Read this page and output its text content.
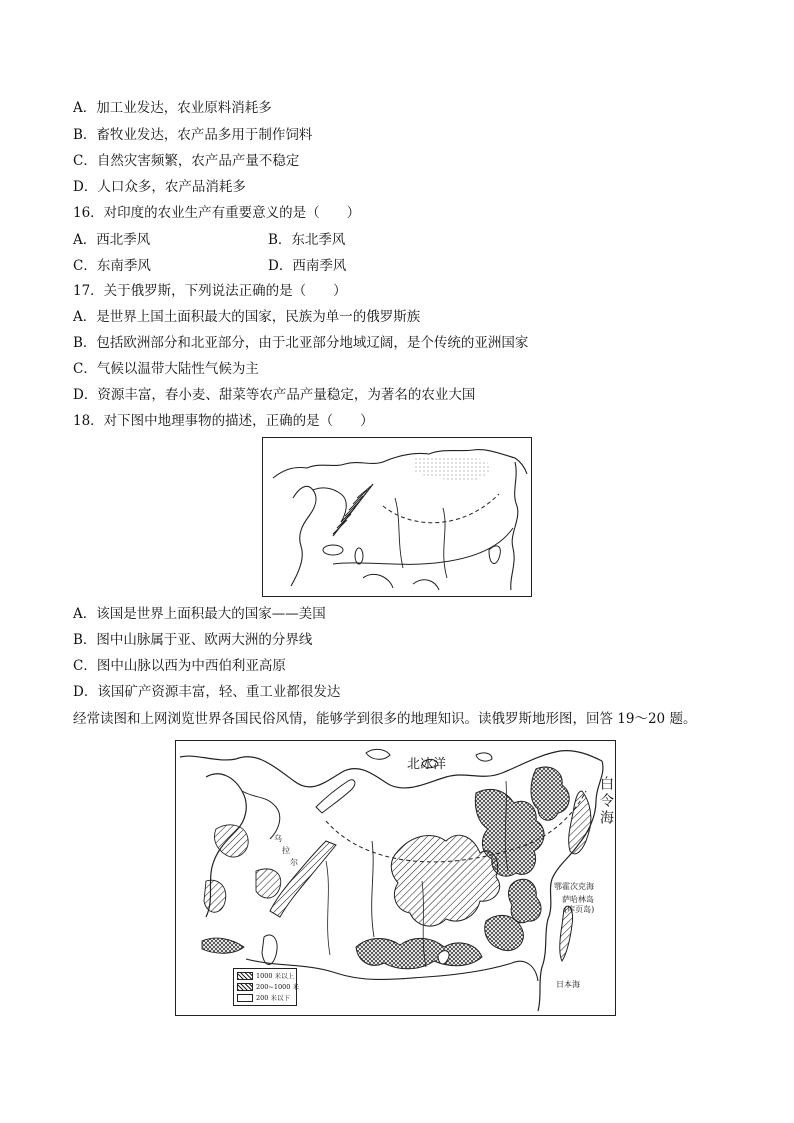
A．加工业发达，农业原料消耗多
B．畜牧业发达，农产品多用于制作饲料
C．自然灾害频繁，农产品产量不稳定
D．人口众多，农产品消耗多
16．对印度的农业生产有重要意义的是（　　）
A．西北季风	B．东北季风
C．东南季风	D．西南季风
17．关于俄罗斯，下列说法正确的是（　　）
A．是世界上国土面积最大的国家，民族为单一的俄罗斯族
B．包括欧洲部分和北亚部分，由于北亚部分地域辽阔，是个传统的亚洲国家
C．气候以温带大陆性气候为主
D．资源丰富，春小麦、甜菜等农产品产量稳定，为著名的农业大国
18．对下图中地理事物的描述，正确的是（　　）
A．该国是世界上面积最大的国家——美国
B．图中山脉属于亚、欧两大洲的分界线
C．图中山脉以西为中西伯利亚高原
D．该国矿产资源丰富，轻、重工业都很发达
经常读图和上网浏览世界各国民俗风情，能够学到很多的地理知识。读俄罗斯地形图，回答 19～20 题。
北冰洋
白令海
鄂霍次克海
萨哈林岛
(库页岛)
日本海
乌
拉
尔
1000 米以上
200~1000 米
200 米以下
